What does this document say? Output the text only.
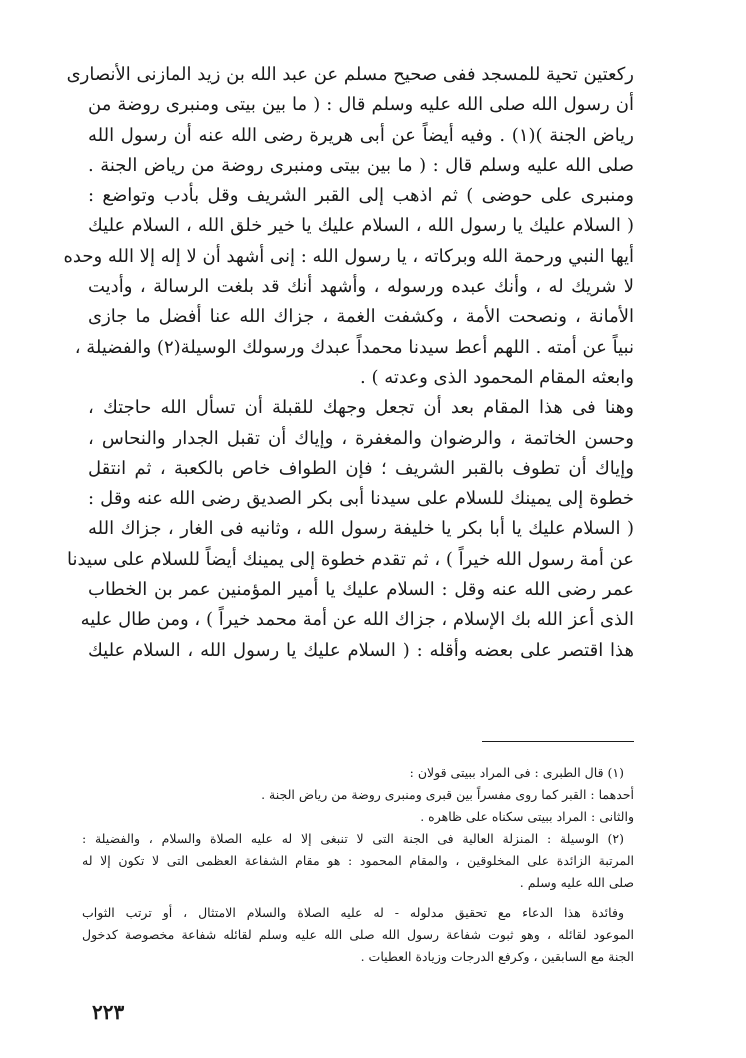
ركعتين تحية للمسجد ففى صحيح مسلم عن عبد الله بن زيد المازنى الأنصارى
أن رسول الله صلى الله عليه وسلم قال : ( ما بين بيتى ومنبرى روضة من
رياض الجنة )(١) . وفيه أيضاً عن أبى هريرة رضى الله عنه أن رسول الله
صلى الله عليه وسلم قال : ( ما بين بيتى ومنبرى روضة من رياض الجنة .
ومنبرى على حوضى ) ثم اذهب إلى القبر الشريف وقل بأدب وتواضع :
( السلام عليك يا رسول الله ، السلام عليك يا خير خلق الله ، السلام عليك
أيها النبي ورحمة الله وبركاته ، يا رسول الله : إنى أشهد أن لا إله إلا الله وحده
لا شريك له ، وأنك عبده ورسوله ، وأشهد أنك قد بلغت الرسالة ، وأديت
الأمانة ، ونصحت الأمة ، وكشفت الغمة ، جزاك الله عنا أفضل ما جازى
نبياً عن أمته . اللهم أعط سيدنا محمداً عبدك ورسولك الوسيلة(٢) والفضيلة ،
وابعثه المقام المحمود الذى وعدته ) .
وهنا فى هذا المقام بعد أن تجعل وجهك للقبلة أن تسأل الله حاجتك ،
وحسن الخاتمة ، والرضوان والمغفرة ، وإياك أن تقبل الجدار والنحاس ،
وإياك أن تطوف بالقبر الشريف ؛ فإن الطواف خاص بالكعبة ، ثم انتقل
خطوة إلى يمينك للسلام على سيدنا أبى بكر الصديق رضى الله عنه وقل :
( السلام عليك يا أبا بكر يا خليفة رسول الله ، وثانيه فى الغار ، جزاك الله
عن أمة رسول الله خيراً ) ، ثم تقدم خطوة إلى يمينك أيضاً للسلام على سيدنا
عمر رضى الله عنه وقل : السلام عليك يا أمير المؤمنين عمر بن الخطاب
الذى أعز الله بك الإسلام ، جزاك الله عن أمة محمد خيراً ) ، ومن طال عليه
هذا اقتصر على بعضه وأقله : ( السلام عليك يا رسول الله ، السلام عليك
(١) قال الطبرى : فى المراد ببيتى قولان :
أحدهما : القبر كما روى مفسراً بين قبرى ومنبرى روضة من رياض الجنة .
والثانى : المراد ببيتى سكناه على ظاهره .
(٢) الوسيلة : المنزلة العالية فى الجنة التى لا تنبغى إلا له عليه الصلاة والسلام ، والفضيلة :
المرتبة الزائدة على المخلوقين ، والمقام المحمود : هو مقام الشفاعة العظمى التى لا تكون إلا له
صلى الله عليه وسلم .
وفائدة هذا الدعاء مع تحقيق مدلوله - له عليه الصلاة والسلام الامتثال ، أو ترتب الثواب
الموعود لقائله ، وهو ثبوت شفاعة رسول الله صلى الله عليه وسلم لقائله شفاعة مخصوصة كدخول
الجنة مع السابقين ، وكرفع الدرجات وزيادة العطيات .
٢٢٣
